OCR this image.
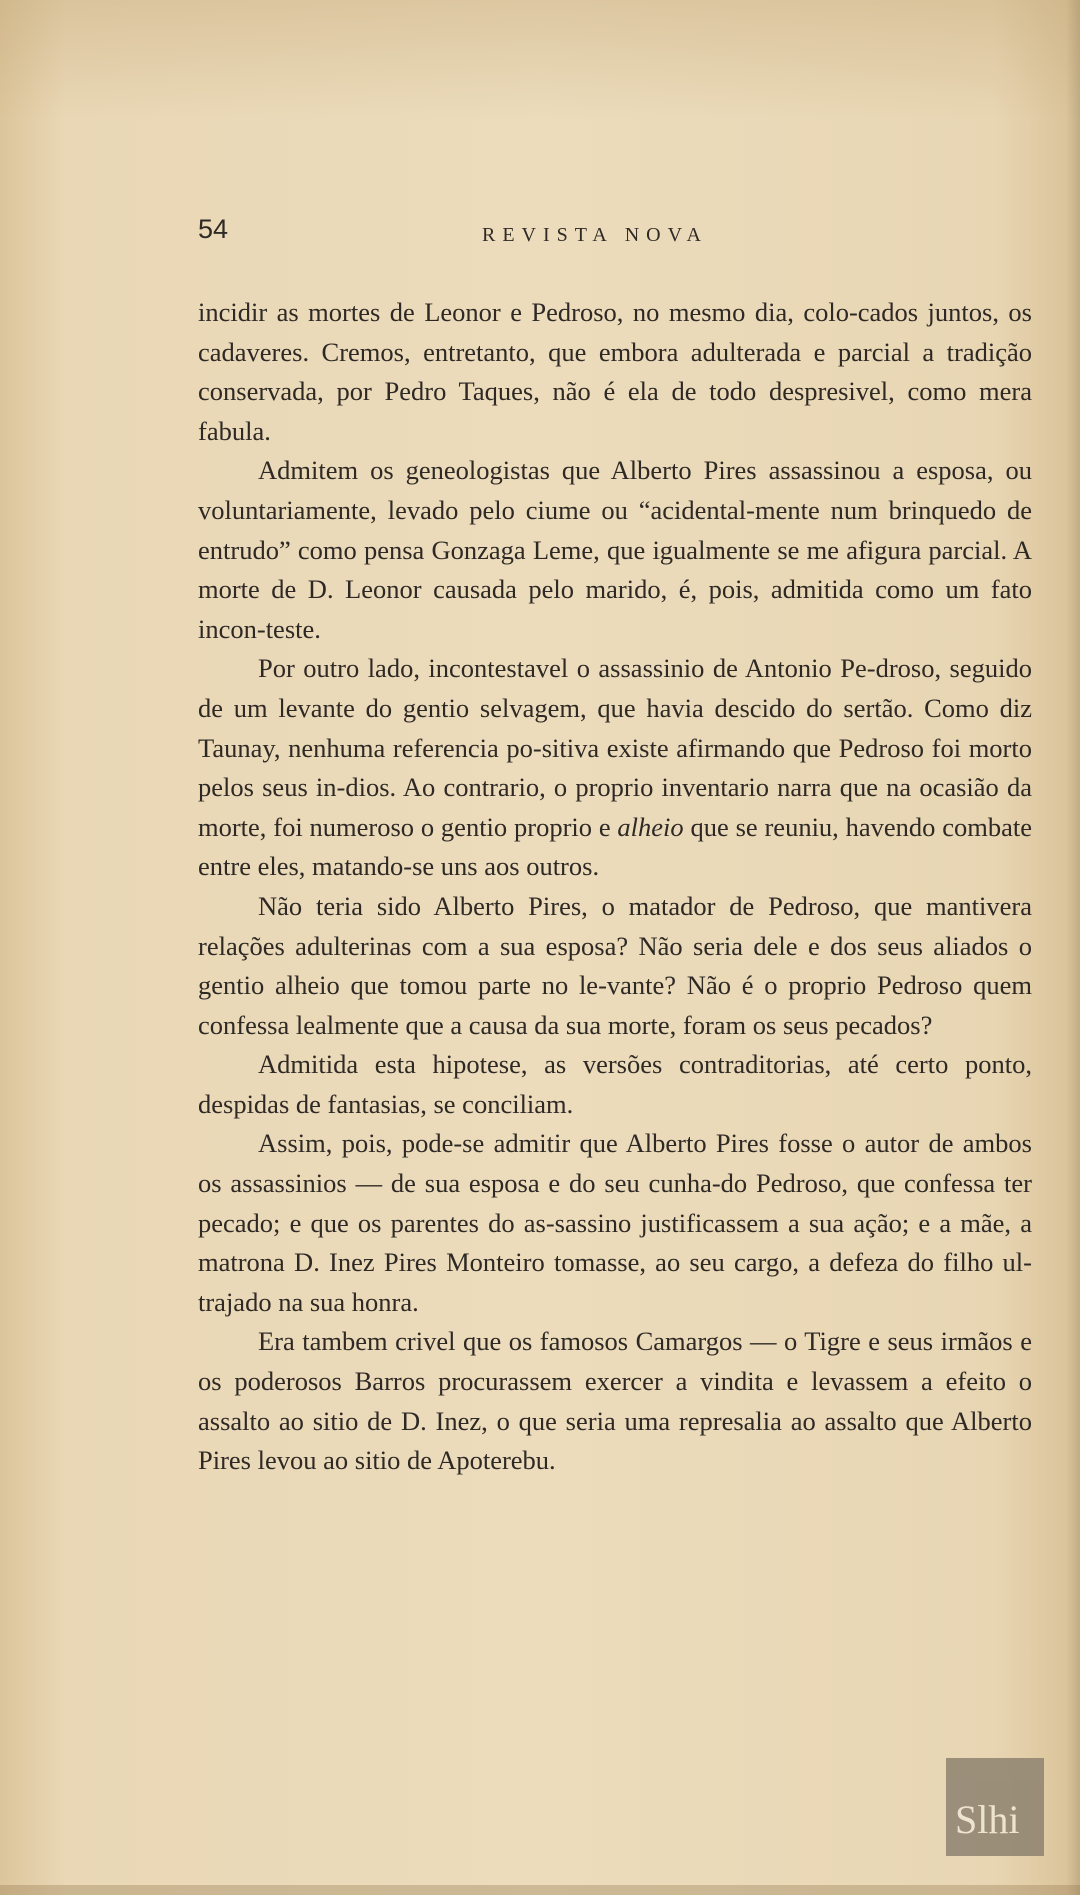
54	REVISTA NOVA

incidir as mortes de Leonor e Pedroso, no mesmo dia, colo-cados juntos, os cadaveres. Cremos, entretanto, que embora adulterada e parcial a tradição conservada, por Pedro Taques, não é ela de todo despresivel, como mera fabula.

Admitem os geneologistas que Alberto Pires assassinou a esposa, ou voluntariamente, levado pelo ciume ou “acidental-mente num brinquedo de entrudo” como pensa Gonzaga Leme, que igualmente se me afigura parcial. A morte de D. Leonor causada pelo marido, é, pois, admitida como um fato incon-teste.

Por outro lado, incontestavel o assassinio de Antonio Pe-droso, seguido de um levante do gentio selvagem, que havia descido do sertão. Como diz Taunay, nenhuma referencia po-sitiva existe afirmando que Pedroso foi morto pelos seus in-dios. Ao contrario, o proprio inventario narra que na ocasião da morte, foi numeroso o gentio proprio e alheio que se reuniu, havendo combate entre eles, matando-se uns aos outros.

Não teria sido Alberto Pires, o matador de Pedroso, que mantivera relações adulterinas com a sua esposa? Não seria dele e dos seus aliados o gentio alheio que tomou parte no le-vante? Não é o proprio Pedroso quem confessa lealmente que a causa da sua morte, foram os seus pecados?

Admitida esta hipotese, as versões contraditorias, até certo ponto, despidas de fantasias, se conciliam.

Assim, pois, pode-se admitir que Alberto Pires fosse o autor de ambos os assassinios — de sua esposa e do seu cunha-do Pedroso, que confessa ter pecado; e que os parentes do as-sassino justificassem a sua ação; e a mãe, a matrona D. Inez Pires Monteiro tomasse, ao seu cargo, a defeza do filho ul-trajado na sua honra.

Era tambem crivel que os famosos Camargos — o Tigre e seus irmãos e os poderosos Barros procurassem exercer a vindita e levassem a efeito o assalto ao sitio de D. Inez, o que seria uma represalia ao assalto que Alberto Pires levou ao sitio de Apoterebu.

Slhi
